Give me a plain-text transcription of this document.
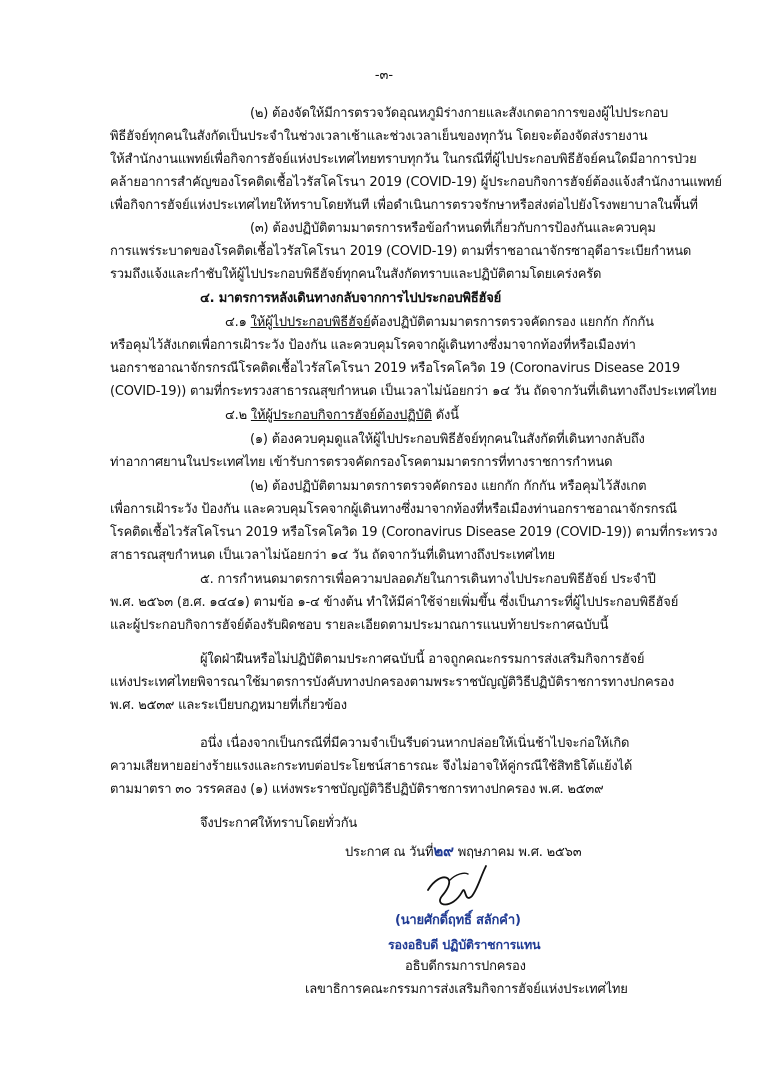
-๓-
(๒) ต้องจัดให้มีการตรวจวัดอุณหภูมิร่างกายและสังเกตอาการของผู้ไปประกอบ
พิธีฮัจย์ทุกคนในสังกัดเป็นประจำในช่วงเวลาเช้าและช่วงเวลาเย็นของทุกวัน โดยจะต้องจัดส่งรายงาน
ให้สำนักงานแพทย์เพื่อกิจการฮัจย์แห่งประเทศไทยทราบทุกวัน ในกรณีที่ผู้ไปประกอบพิธีฮัจย์คนใดมีอาการป่วย
คล้ายอาการสำคัญของโรคติดเชื้อไวรัสโคโรนา 2019 (COVID-19) ผู้ประกอบกิจการฮัจย์ต้องแจ้งสำนักงานแพทย์
เพื่อกิจการฮัจย์แห่งประเทศไทยให้ทราบโดยทันที เพื่อดำเนินการตรวจรักษาหรือส่งต่อไปยังโรงพยาบาลในพื้นที่
(๓) ต้องปฏิบัติตามมาตรการหรือข้อกำหนดที่เกี่ยวกับการป้องกันและควบคุม
การแพร่ระบาดของโรคติดเชื้อไวรัสโคโรนา 2019 (COVID-19) ตามที่ราชอาณาจักรซาอุดีอาระเบียกำหนด
รวมถึงแจ้งและกำชับให้ผู้ไปประกอบพิธีฮัจย์ทุกคนในสังกัดทราบและปฏิบัติตามโดยเคร่งครัด
๔. มาตรการหลังเดินทางกลับจากการไปประกอบพิธีฮัจย์
๔.๑ ให้ผู้ไปประกอบพิธีฮัจย์ต้องปฏิบัติตามมาตรการตรวจคัดกรอง แยกกัก กักกัน
หรือคุมไว้สังเกตเพื่อการเฝ้าระวัง ป้องกัน และควบคุมโรคจากผู้เดินทางซึ่งมาจากท้องที่หรือเมืองท่า
นอกราชอาณาจักรกรณีโรคติดเชื้อไวรัสโคโรนา 2019 หรือโรคโควิด 19 (Coronavirus Disease 2019
(COVID-19)) ตามที่กระทรวงสาธารณสุขกำหนด เป็นเวลาไม่น้อยกว่า ๑๔ วัน ถัดจากวันที่เดินทางถึงประเทศไทย
๔.๒ ให้ผู้ประกอบกิจการฮัจย์ต้องปฏิบัติ ดังนี้
(๑) ต้องควบคุมดูแลให้ผู้ไปประกอบพิธีฮัจย์ทุกคนในสังกัดที่เดินทางกลับถึง
ท่าอากาศยานในประเทศไทย เข้ารับการตรวจคัดกรองโรคตามมาตรการที่ทางราชการกำหนด
(๒) ต้องปฏิบัติตามมาตรการตรวจคัดกรอง แยกกัก กักกัน หรือคุมไว้สังเกต
เพื่อการเฝ้าระวัง ป้องกัน และควบคุมโรคจากผู้เดินทางซึ่งมาจากท้องที่หรือเมืองท่านอกราชอาณาจักรกรณี
โรคติดเชื้อไวรัสโคโรนา 2019 หรือโรคโควิด 19 (Coronavirus Disease 2019 (COVID-19)) ตามที่กระทรวง
สาธารณสุขกำหนด เป็นเวลาไม่น้อยกว่า ๑๔ วัน ถัดจากวันที่เดินทางถึงประเทศไทย
๕. การกำหนดมาตรการเพื่อความปลอดภัยในการเดินทางไปประกอบพิธีฮัจย์ ประจำปี
พ.ศ. ๒๕๖๓ (ฮ.ศ. ๑๔๔๑) ตามข้อ ๑-๔ ข้างต้น ทำให้มีค่าใช้จ่ายเพิ่มขึ้น ซึ่งเป็นภาระที่ผู้ไปประกอบพิธีฮัจย์
และผู้ประกอบกิจการฮัจย์ต้องรับผิดชอบ รายละเอียดตามประมาณการแนบท้ายประกาศฉบับนี้
ผู้ใดฝ่าฝืนหรือไม่ปฏิบัติตามประกาศฉบับนี้ อาจถูกคณะกรรมการส่งเสริมกิจการฮัจย์
แห่งประเทศไทยพิจารณาใช้มาตรการบังคับทางปกครองตามพระราชบัญญัติวิธีปฏิบัติราชการทางปกครอง
พ.ศ. ๒๕๓๙ และระเบียบกฎหมายที่เกี่ยวข้อง
อนึ่ง เนื่องจากเป็นกรณีที่มีความจำเป็นรีบด่วนหากปล่อยให้เนิ่นช้าไปจะก่อให้เกิด
ความเสียหายอย่างร้ายแรงและกระทบต่อประโยชน์สาธารณะ จึงไม่อาจให้คู่กรณีใช้สิทธิโต้แย้งได้
ตามมาตรา ๓๐ วรรคสอง (๑) แห่งพระราชบัญญัติวิธีปฏิบัติราชการทางปกครอง พ.ศ. ๒๕๓๙
จึงประกาศให้ทราบโดยทั่วกัน
ประกาศ ณ วันที่๒๙ พฤษภาคม พ.ศ. ๒๕๖๓
(นายศักดิ์ฤทธิ์ สลักคำ)
รองอธิบดี ปฏิบัติราชการแทน
อธิบดีกรมการปกครอง
เลขาธิการคณะกรรมการส่งเสริมกิจการฮัจย์แห่งประเทศไทย
